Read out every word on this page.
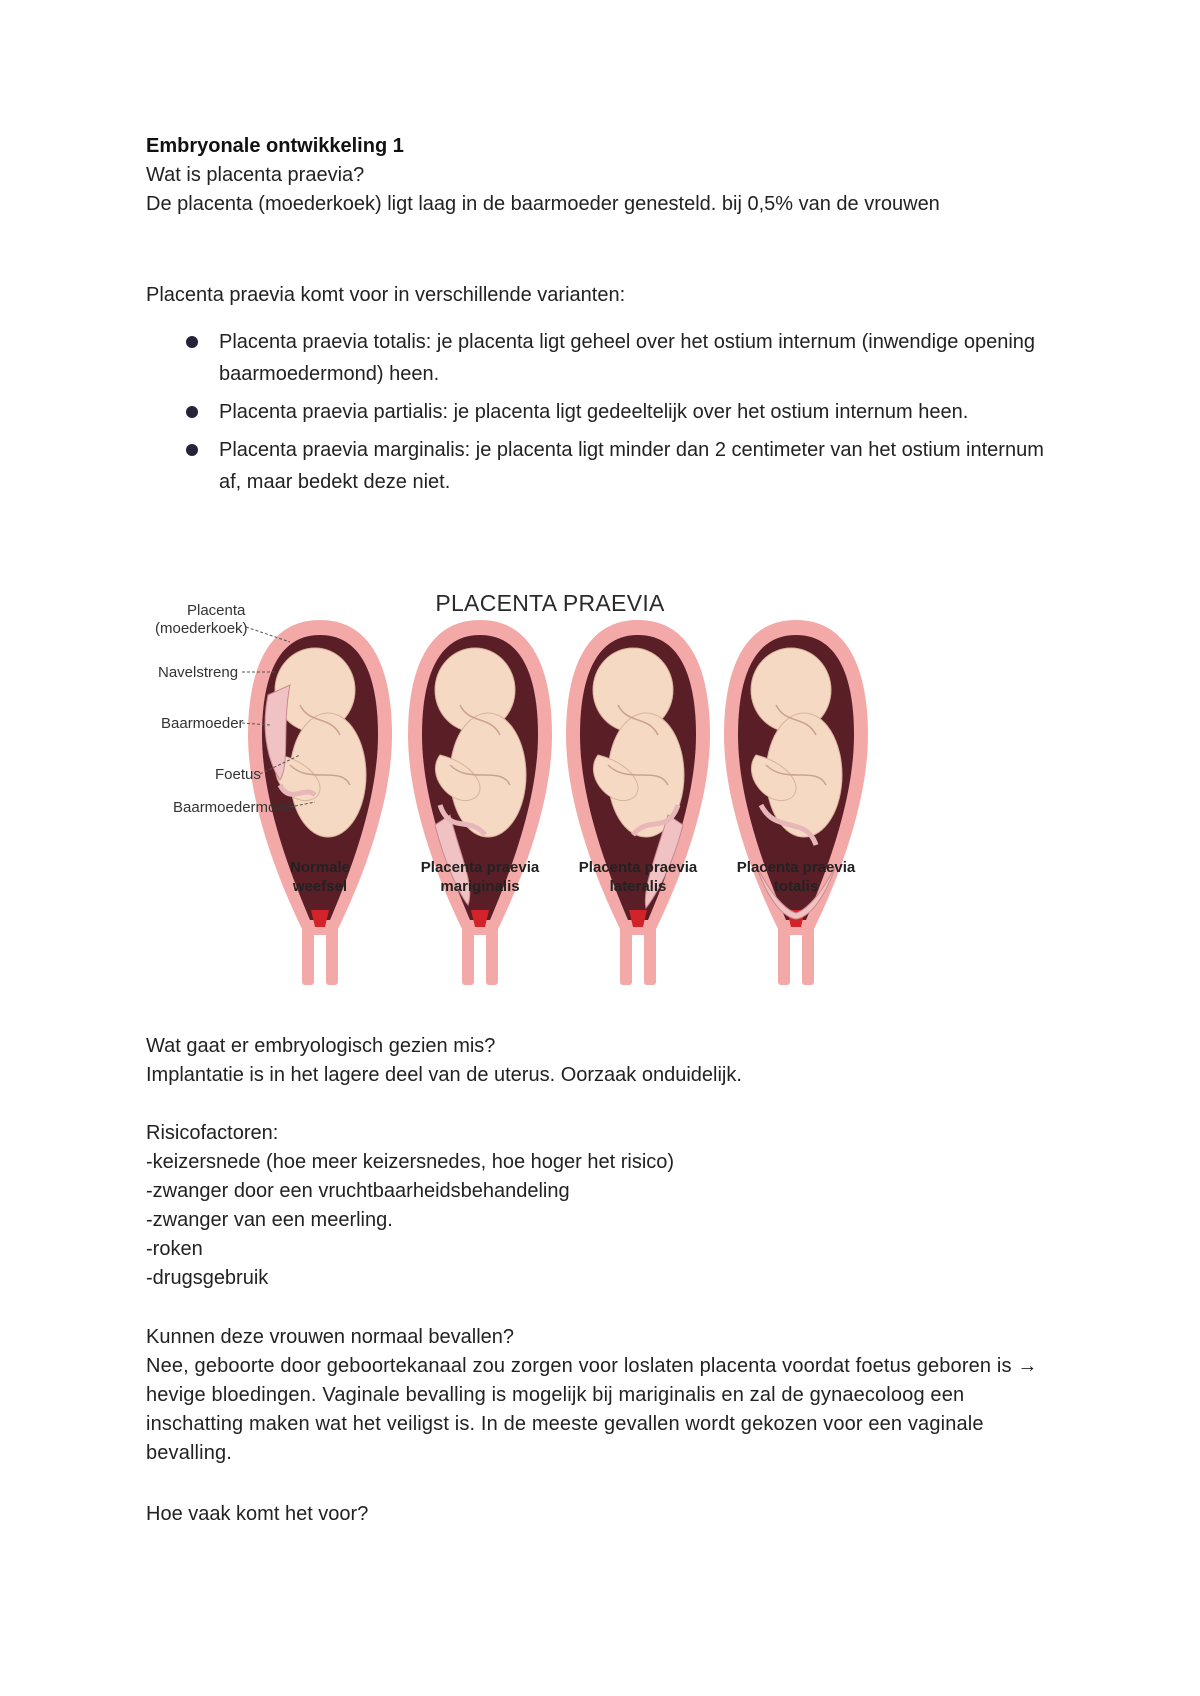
Embryonale ontwikkeling 1
Wat is placenta praevia?
De placenta (moederkoek) ligt laag in de baarmoeder genesteld. bij 0,5% van de vrouwen
Placenta praevia komt voor in verschillende varianten:
Placenta praevia totalis: je placenta ligt geheel over het ostium internum (inwendige opening baarmoedermond) heen.
Placenta praevia partialis: je placenta ligt gedeeltelijk over het ostium internum heen.
Placenta praevia marginalis: je placenta ligt minder dan 2 centimeter van het ostium internum af, maar bedekt deze niet.
PLACENTA PRAEVIA
Placenta
(moederkoek)
Navelstreng
Baarmoeder
Foetus
Baarmoedermond
Normale
weefsel
Placenta praevia
mariginalis
Placenta praevia
lateralis
Placenta praevia
totalis
Wat gaat er embryologisch gezien mis?
Implantatie is in het lagere deel van de uterus. Oorzaak onduidelijk.
Risicofactoren:
-keizersnede (hoe meer keizersnedes, hoe hoger het risico)
-zwanger door een vruchtbaarheidsbehandeling
-zwanger van een meerling.
-roken
-drugsgebruik
Kunnen deze vrouwen normaal bevallen?
Nee, geboorte door geboortekanaal zou zorgen voor loslaten placenta voordat foetus geboren is → hevige bloedingen. Vaginale bevalling is mogelijk bij mariginalis en zal de gynaecoloog een inschatting maken wat het veiligst is. In de meeste gevallen wordt gekozen voor een vaginale bevalling.
Hoe vaak komt het voor?
